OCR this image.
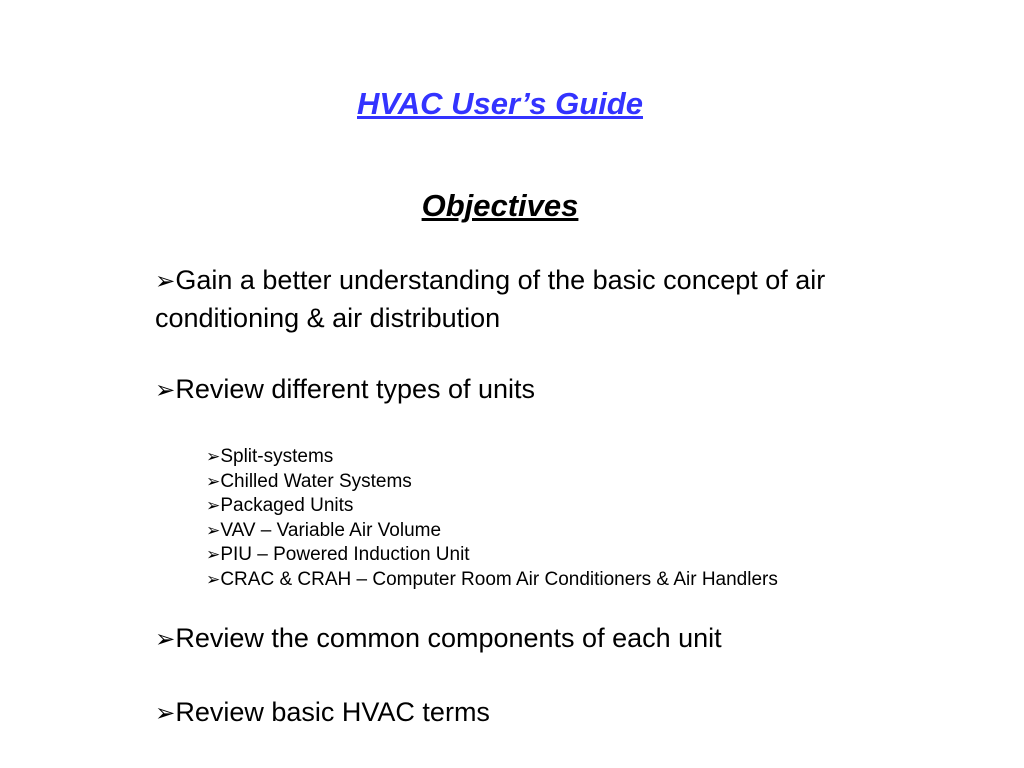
HVAC User’s Guide
Objectives

➢Gain a better understanding of the basic concept of air conditioning & air distribution

➢Review different types of units

➢Split-systems
➢Chilled Water Systems
➢Packaged Units
➢VAV – Variable Air Volume
➢PIU – Powered Induction Unit
➢CRAC & CRAH – Computer Room Air Conditioners & Air Handlers

➢Review the common components of each unit

➢Review basic HVAC terms
